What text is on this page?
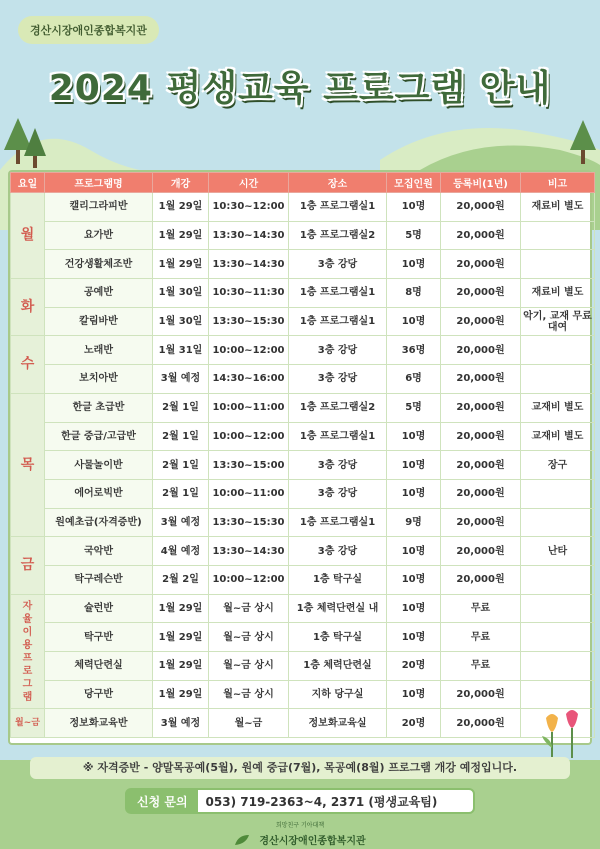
경산시장애인종합복지관
2024 평생교육 프로그램 안내
요일	프로그램명	개강	시간	장소	모집인원	등록비(1년)	비고
월	캘리그라피반	1월 29일	10:30~12:00	1층 프로그램실1	10명	20,000원	재료비 별도
	요가반	1월 29일	13:30~14:30	1층 프로그램실2	5명	20,000원	
	건강생활체조반	1월 29일	13:30~14:30	3층 강당	10명	20,000원	
화	공예반	1월 30일	10:30~11:30	1층 프로그램실1	8명	20,000원	재료비 별도
	칼림바반	1월 30일	13:30~15:30	1층 프로그램실1	10명	20,000원	악기, 교재 무료 대여
수	노래반	1월 31일	10:00~12:00	3층 강당	36명	20,000원	
	보치아반	3월 예정	14:30~16:00	3층 강당	6명	20,000원	
목	한글 초급반	2월 1일	10:00~11:00	1층 프로그램실2	5명	20,000원	교재비 별도
	한글 중급/고급반	2월 1일	10:00~12:00	1층 프로그램실1	10명	20,000원	교재비 별도
	사물놀이반	2월 1일	13:30~15:00	3층 강당	10명	20,000원	장구
	에어로빅반	2월 1일	10:00~11:00	3층 강당	10명	20,000원	
	원예초급(자격증반)	3월 예정	13:30~15:30	1층 프로그램실1	9명	20,000원	
금	국악반	4월 예정	13:30~14:30	3층 강당	10명	20,000원	난타
	탁구레슨반	2월 2일	10:00~12:00	1층 탁구실	10명	20,000원	
자율이용 프로그램	슐런반	1월 29일	월~금 상시	1층 체력단련실 내	10명	무료	
	탁구반	1월 29일	월~금 상시	1층 탁구실	10명	무료	
	체력단련실	1월 29일	월~금 상시	1층 체력단련실	20명	무료	
	당구반	1월 29일	월~금 상시	지하 당구실	10명	20,000원	
월~금	정보화교육반	3월 예정	월~금	정보화교육실	20명	20,000원	
※ 자격증반 - 양말목공예(5월), 원예 중급(7월), 목공예(8월) 프로그램 개강 예정입니다.
신청 문의	053) 719-2363~4, 2371 (평생교육팀)
희망친구 기아대책
경산시장애인종합복지관
